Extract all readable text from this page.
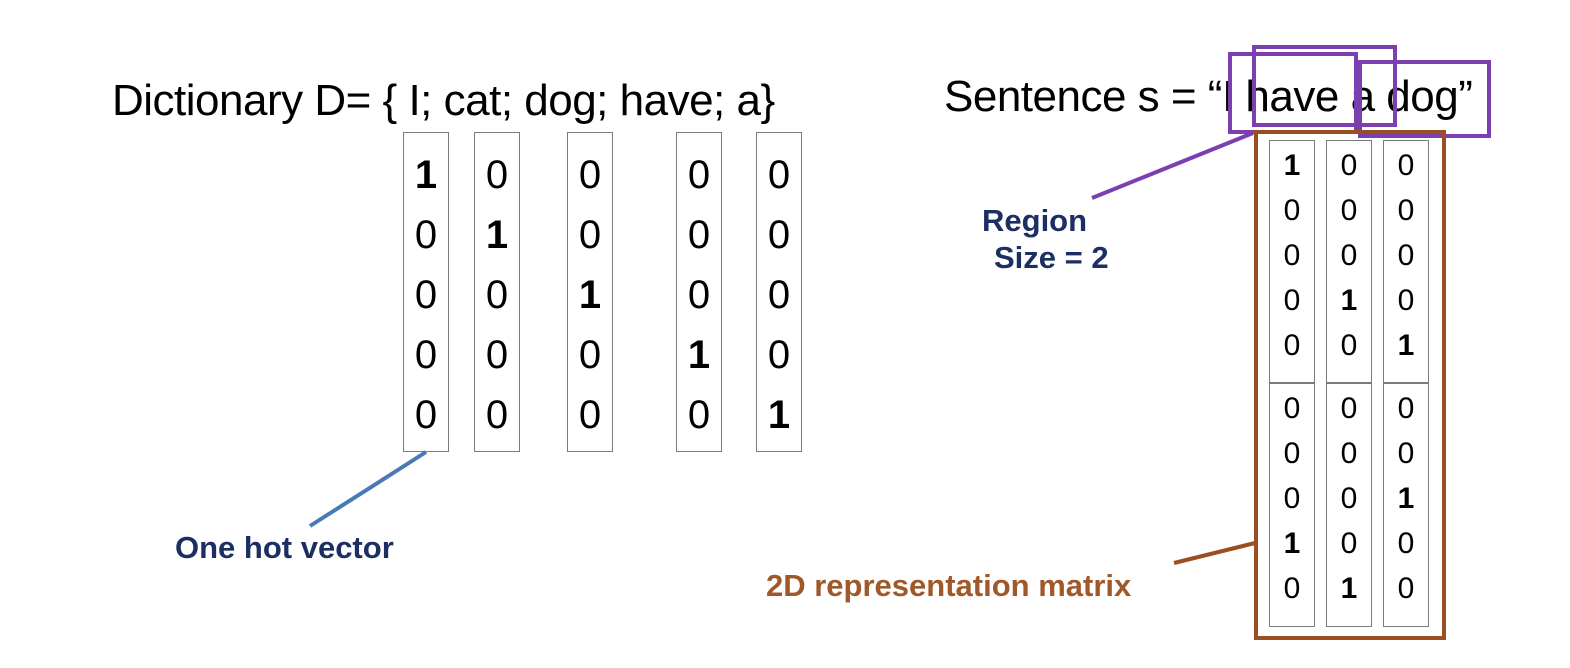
Dictionary D= { I; cat; dog; have; a}	Sentence s = “I have a dog”
1
0
0
0
0
0
1
0
0
0
0
0
1
0
0
0
0
0
1
0
0
0
0
0
1
1
0
0
0
0
0
0
0
1
0
0
0
0
1
0
0
0
0
0
1
0
0
0
0
1
0
0
1
0
0
One hot vector
Region
Size = 2
2D representation matrix
